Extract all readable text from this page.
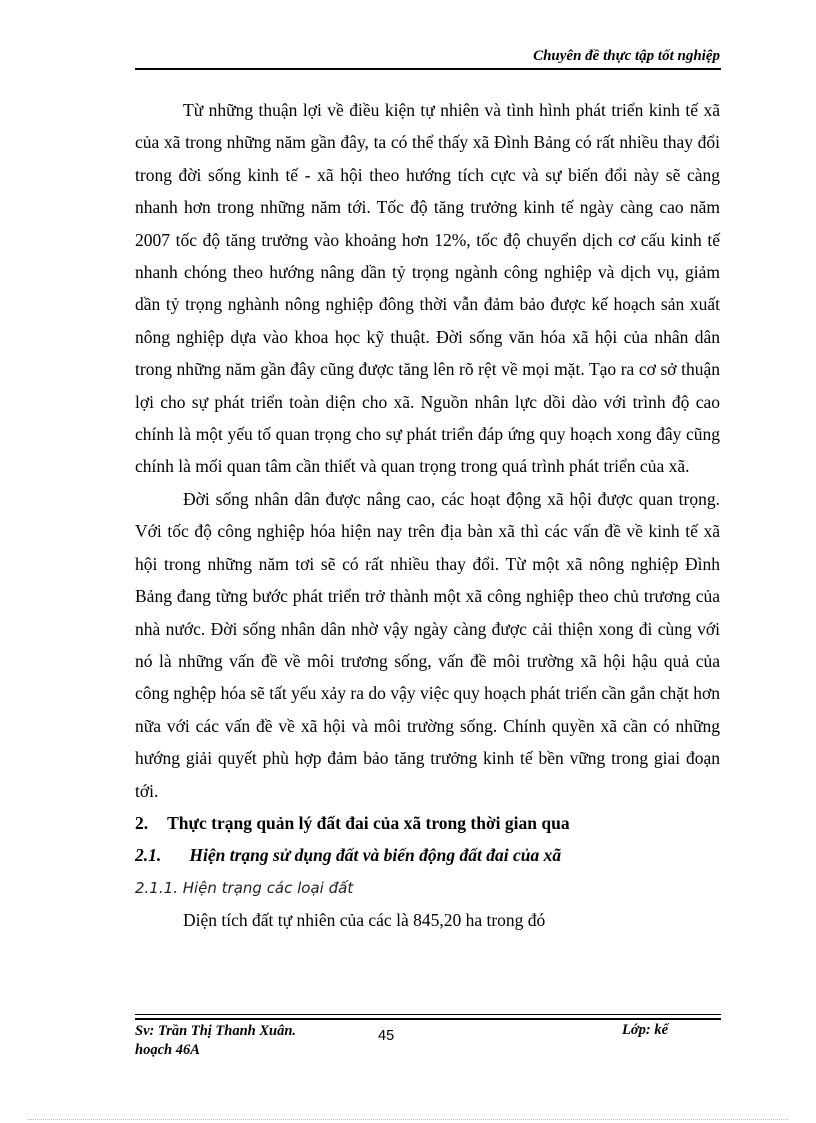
Chuyên đề thực tập tốt nghiệp

Từ những thuận lợi về điều kiện tự nhiên và tình hình phát triển kinh tế xã của xã trong những năm gần đây, ta có thể thấy xã Đình Bảng có rất nhiều thay đổi trong đời sống kinh tế - xã hội theo hướng tích cực và sự biến đổi này sẽ càng nhanh hơn trong những năm tới. Tốc độ tăng trưởng kinh tế ngày càng cao năm 2007 tốc độ tăng trưởng vào khoảng hơn 12%, tốc độ chuyển dịch cơ cấu kinh tế nhanh chóng theo hướng nâng dần tỷ trọng ngành công nghiệp và dịch vụ, giảm dần tỷ trọng nghành nông nghiệp đông thời vẫn đảm bảo được kế hoạch sản xuất nông nghiệp dựa vào khoa học kỹ thuật. Đời sống văn hóa xã hội của nhân dân trong những năm gần đây cũng được tăng lên rõ rệt về mọi mặt. Tạo ra cơ sở thuận lợi cho sự phát triển toàn diện cho xã. Nguồn nhân lực dồi dào với trình độ cao chính là một yếu tố quan trọng cho sự phát triển đáp ứng quy hoạch xong đây cũng chính là mối quan tâm cần thiết và quan trọng trong quá trình phát triển của xã.

Đời sống nhân dân được nâng cao, các hoạt động xã hội được quan trọng. Với tốc độ công nghiệp hóa hiện nay trên địa bàn xã thì các vấn đề về kinh tế xã hội trong những năm tơi sẽ có rất nhiều thay đổi. Từ một xã nông nghiệp Đình Bảng đang từng bước phát triển trở thành một xã công nghiệp theo chủ trương của nhà nước. Đời sống nhân dân nhờ vậy ngày càng được cải thiện xong đi cùng với nó là những vấn đề về môi trương sống, vấn đề môi trường xã hội hậu quả của công nghệp hóa sẽ tất yếu xảy ra do vậy việc quy hoạch phát triển cần gắn chặt hơn nữa với các vấn đề về xã hội và môi trường sống. Chính quyền xã cần có những hướng giải quyết phù hợp đảm bảo tăng trưởng kinh tế bền vững trong giai đoạn tới.

2. Thực trạng quản lý đất đai của xã trong thời gian qua

2.1. Hiện trạng sử dụng đất và biến động đất đai của xã

2.1.1. Hiện trạng các loại đất

Diện tích đất tự nhiên của các là 845,20 ha trong đó

Sv: Trần Thị Thanh Xuân.
hoạch 46A
45	Lớp: kế
